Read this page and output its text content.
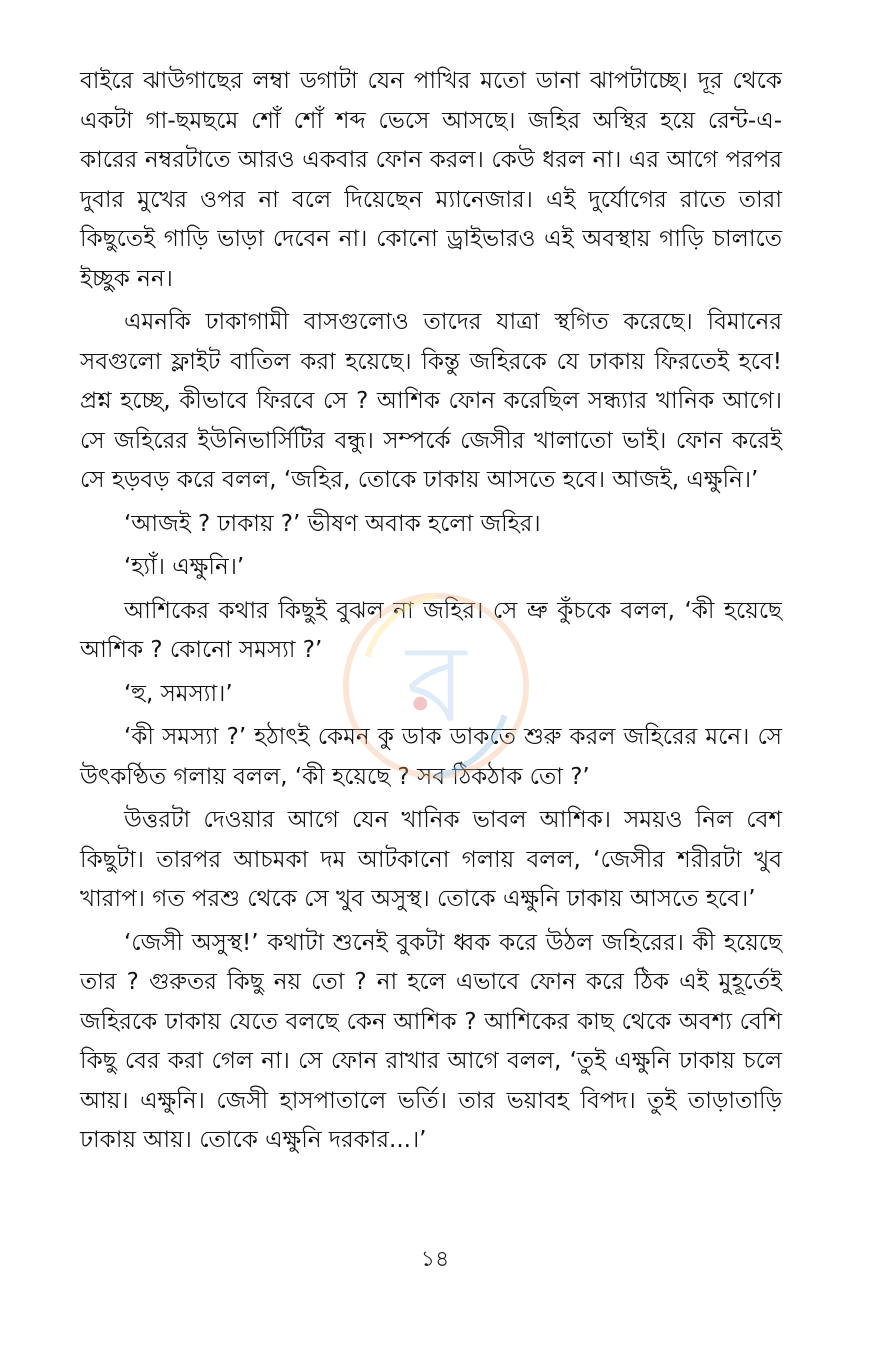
বাইরে ঝাউগাছের লম্বা ডগাটা যেন পাখির মতো ডানা ঝাপটাচ্ছে। দূর থেকে একটা গা-ছমছমে শোঁ শোঁ শব্দ ভেসে আসছে। জহির অস্থির হয়ে রেন্ট-এ-কারের নম্বরটাতে আরও একবার ফোন করল। কেউ ধরল না। এর আগে পরপর দুবার মুখের ওপর না বলে দিয়েছেন ম্যানেজার। এই দুর্যোগের রাতে তারা কিছুতেই গাড়ি ভাড়া দেবেন না। কোনো ড্রাইভারও এই অবস্থায় গাড়ি চালাতে ইচ্ছুক নন।

এমনকি ঢাকাগামী বাসগুলোও তাদের যাত্রা স্থগিত করেছে। বিমানের সবগুলো ফ্লাইট বাতিল করা হয়েছে। কিন্তু জহিরকে যে ঢাকায় ফিরতেই হবে! প্রশ্ন হচ্ছে, কীভাবে ফিরবে সে ? আশিক ফোন করেছিল সন্ধ্যার খানিক আগে। সে জহিরের ইউনিভার্সিটির বন্ধু। সম্পর্কে জেসীর খালাতো ভাই। ফোন করেই সে হড়বড় করে বলল, ‘জহির, তোকে ঢাকায় আসতে হবে। আজই, এক্ষুনি।’

‘আজই ? ঢাকায় ?’ ভীষণ অবাক হলো জহির।

‘হ্যাঁ। এক্ষুনি।’

আশিকের কথার কিছুই বুঝল না জহির। সে ভ্রু কুঁচকে বলল, ‘কী হয়েছে আশিক ? কোনো সমস্যা ?’

‘হু, সমস্যা।’

‘কী সমস্যা ?’ হঠাৎই কেমন কু ডাক ডাকতে শুরু করল জহিরের মনে। সে উৎকণ্ঠিত গলায় বলল, ‘কী হয়েছে ? সব ঠিকঠাক তো ?’

উত্তরটা দেওয়ার আগে যেন খানিক ভাবল আশিক। সময়ও নিল বেশ কিছুটা। তারপর আচমকা দম আটকানো গলায় বলল, ‘জেসীর শরীরটা খুব খারাপ। গত পরশু থেকে সে খুব অসুস্থ। তোকে এক্ষুনি ঢাকায় আসতে হবে।’

‘জেসী অসুস্থ!’ কথাটা শুনেই বুকটা ধ্বক করে উঠল জহিরের। কী হয়েছে তার ? গুরুতর কিছু নয় তো ? না হলে এভাবে ফোন করে ঠিক এই মুহূর্তেই জহিরকে ঢাকায় যেতে বলছে কেন আশিক ? আশিকের কাছ থেকে অবশ্য বেশি কিছু বের করা গেল না। সে ফোন রাখার আগে বলল, ‘তুই এক্ষুনি ঢাকায় চলে আয়। এক্ষুনি। জেসী হাসপাতালে ভর্তি। তার ভয়াবহ বিপদ। তুই তাড়াতাড়ি ঢাকায় আয়। তোকে এক্ষুনি দরকার...।’

ব
১৪
